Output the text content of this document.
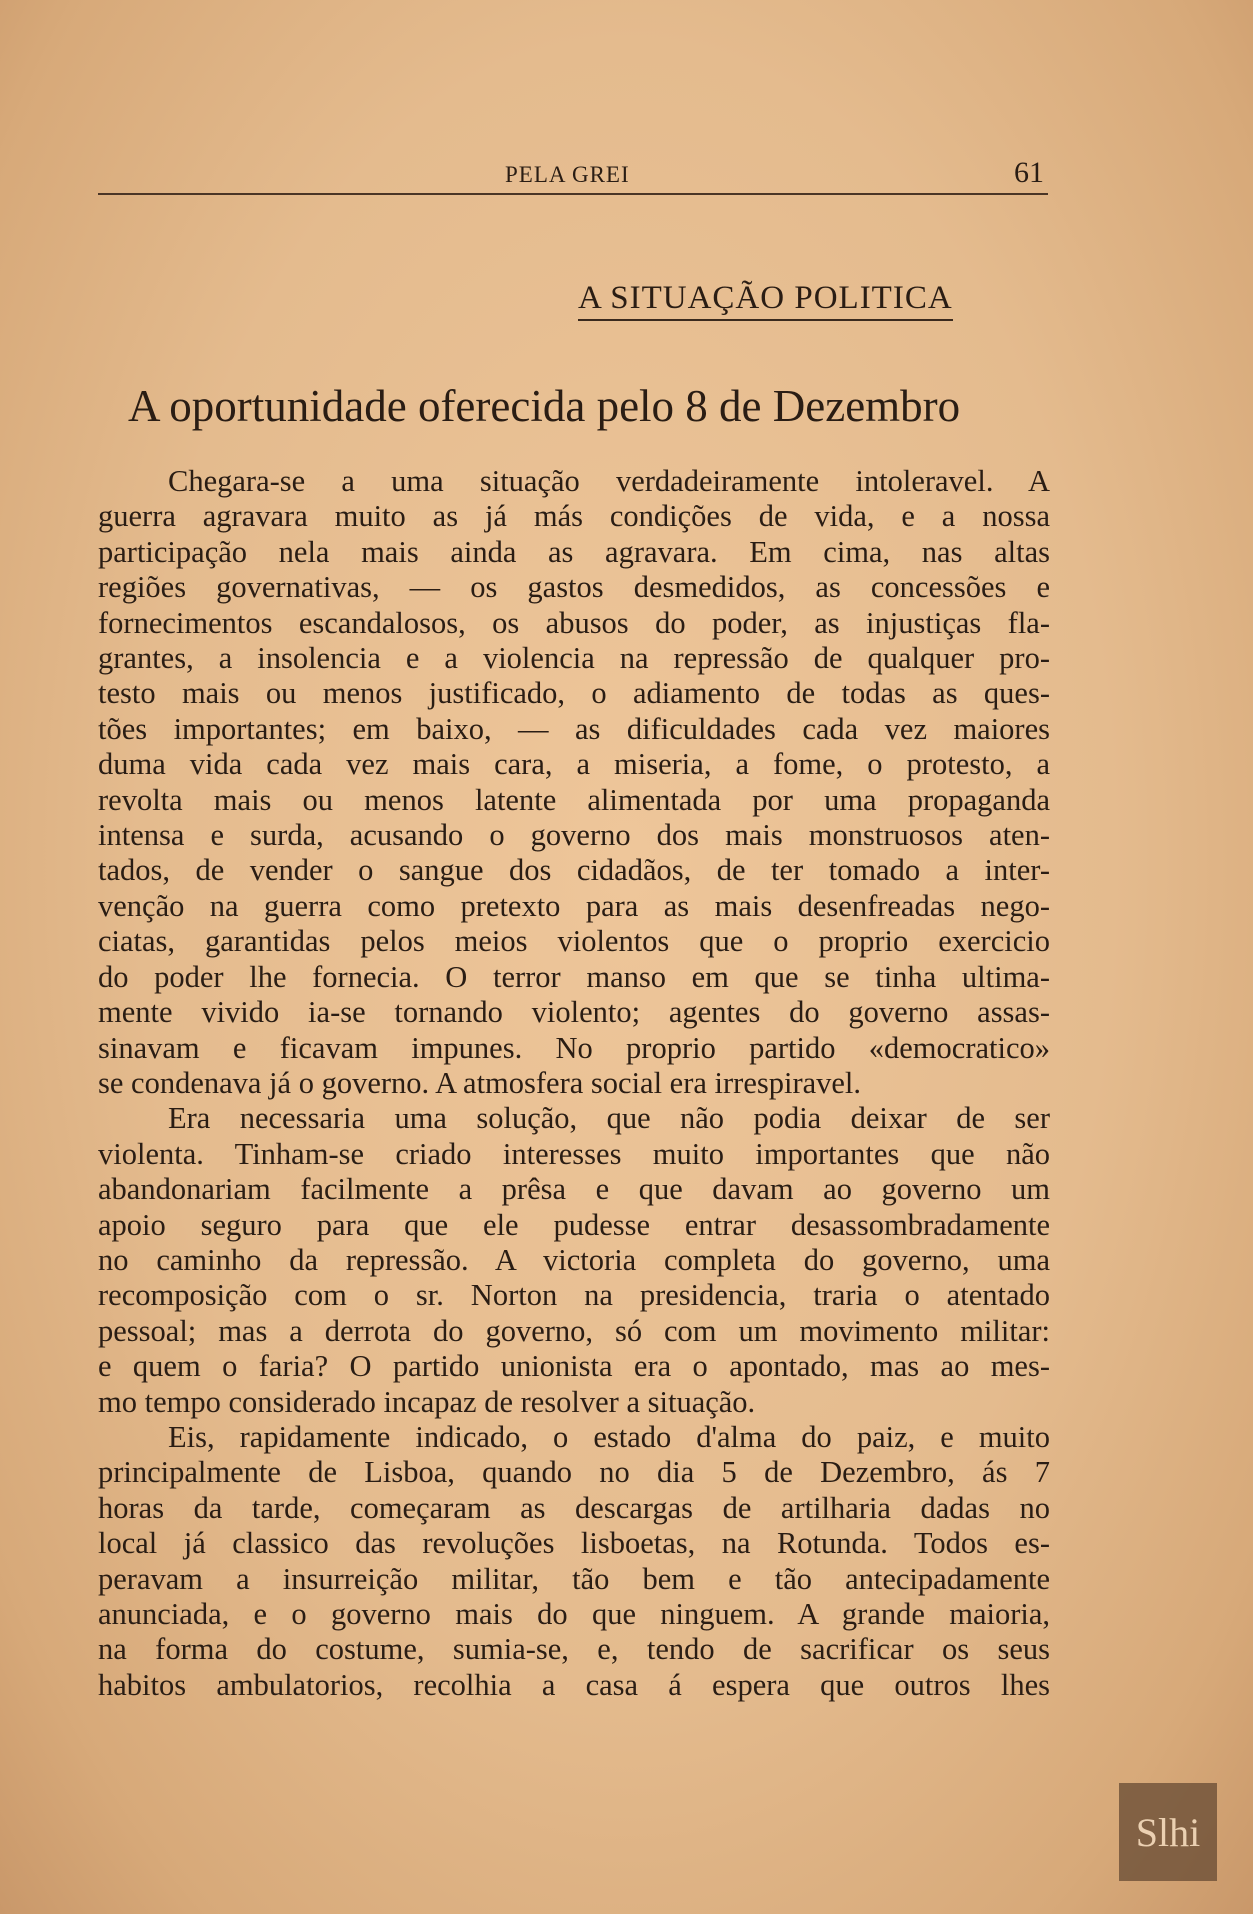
PELA GREI	61
A SITUAÇÃO POLITICA
A oportunidade oferecida pelo 8 de Dezembro
Chegara-se a uma situação verdadeiramente intoleravel. A
guerra agravara muito as já más condições de vida, e a nossa
participação nela mais ainda as agravara. Em cima, nas altas
regiões governativas, — os gastos desmedidos, as concessões e
fornecimentos escandalosos, os abusos do poder, as injustiças fla-
grantes, a insolencia e a violencia na repressão de qualquer pro-
testo mais ou menos justificado, o adiamento de todas as ques-
tões importantes; em baixo, — as dificuldades cada vez maiores
duma vida cada vez mais cara, a miseria, a fome, o protesto, a
revolta mais ou menos latente alimentada por uma propaganda
intensa e surda, acusando o governo dos mais monstruosos aten-
tados, de vender o sangue dos cidadãos, de ter tomado a inter-
venção na guerra como pretexto para as mais desenfreadas nego-
ciatas, garantidas pelos meios violentos que o proprio exercicio
do poder lhe fornecia. O terror manso em que se tinha ultima-
mente vivido ia-se tornando violento; agentes do governo assas-
sinavam e ficavam impunes. No proprio partido «democratico»
se condenava já o governo. A atmosfera social era irrespiravel.
Era necessaria uma solução, que não podia deixar de ser
violenta. Tinham-se criado interesses muito importantes que não
abandonariam facilmente a prêsa e que davam ao governo um
apoio seguro para que ele pudesse entrar desassombradamente
no caminho da repressão. A victoria completa do governo, uma
recomposição com o sr. Norton na presidencia, traria o atentado
pessoal; mas a derrota do governo, só com um movimento militar:
e quem o faria? O partido unionista era o apontado, mas ao mes-
mo tempo considerado incapaz de resolver a situação.
Eis, rapidamente indicado, o estado d'alma do paiz, e muito
principalmente de Lisboa, quando no dia 5 de Dezembro, ás 7
horas da tarde, começaram as descargas de artilharia dadas no
local já classico das revoluções lisboetas, na Rotunda. Todos es-
peravam a insurreição militar, tão bem e tão antecipadamente
anunciada, e o governo mais do que ninguem. A grande maioria,
na forma do costume, sumia-se, e, tendo de sacrificar os seus
habitos ambulatorios, recolhia a casa á espera que outros lhes
Slhi
